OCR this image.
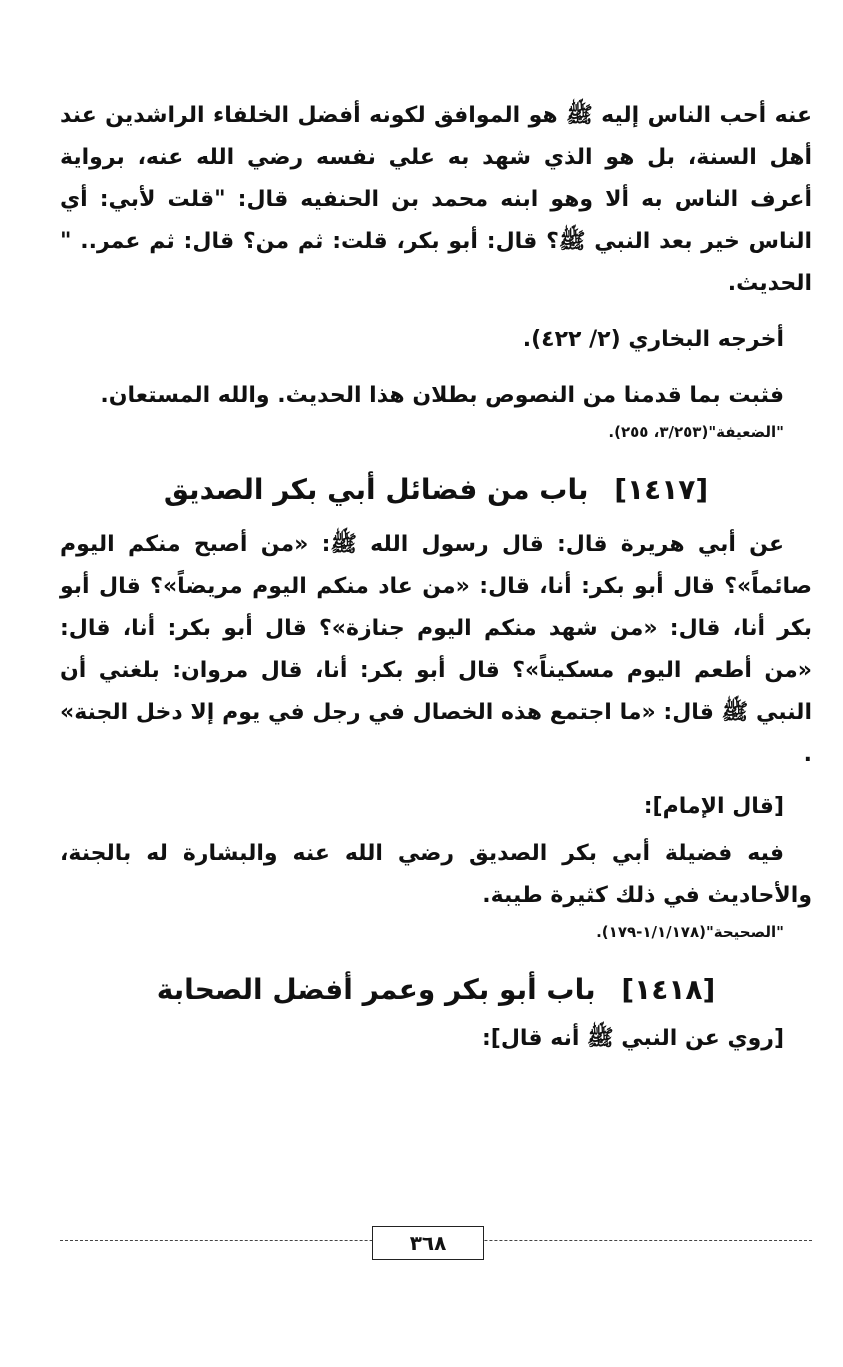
عنه أحب الناس إليه ﷺ هو الموافق لكونه أفضل الخلفاء الراشدين عند أهل السنة، بل هو الذي شهد به علي نفسه رضي الله عنه، برواية أعرف الناس به ألا وهو ابنه محمد بن الحنفيه قال: "قلت لأبي: أي الناس خير بعد النبي ﷺ؟ قال: أبو بكر، قلت: ثم من؟ قال: ثم عمر.. " الحديث.

أخرجه البخاري (٢/ ٤٢٢).

فثبت بما قدمنا من النصوص بطلان هذا الحديث. والله المستعان.

"الضعيفة"(٣/٢٥٣، ٢٥٥).
[١٤١٧] باب من فضائل أبي بكر الصديق

عن أبي هريرة قال: قال رسول الله ﷺ: «من أصبح منكم اليوم صائماً»؟ قال أبو بكر: أنا، قال: «من عاد منكم اليوم مريضاً»؟ قال أبو بكر أنا، قال: «من شهد منكم اليوم جنازة»؟ قال أبو بكر: أنا، قال: «من أطعم اليوم مسكيناً»؟ قال أبو بكر: أنا، قال مروان: بلغني أن النبي ﷺ قال: «ما اجتمع هذه الخصال في رجل في يوم إلا دخل الجنة» .

[قال الإمام]:

فيه فضيلة أبي بكر الصديق رضي الله عنه والبشارة له بالجنة، والأحاديث في ذلك كثيرة طيبة.

"الصحيحة"(١/١/١٧٨-١٧٩).
[١٤١٨] باب أبو بكر وعمر أفضل الصحابة
[روي عن النبي ﷺ أنه قال]:
٣٦٨
